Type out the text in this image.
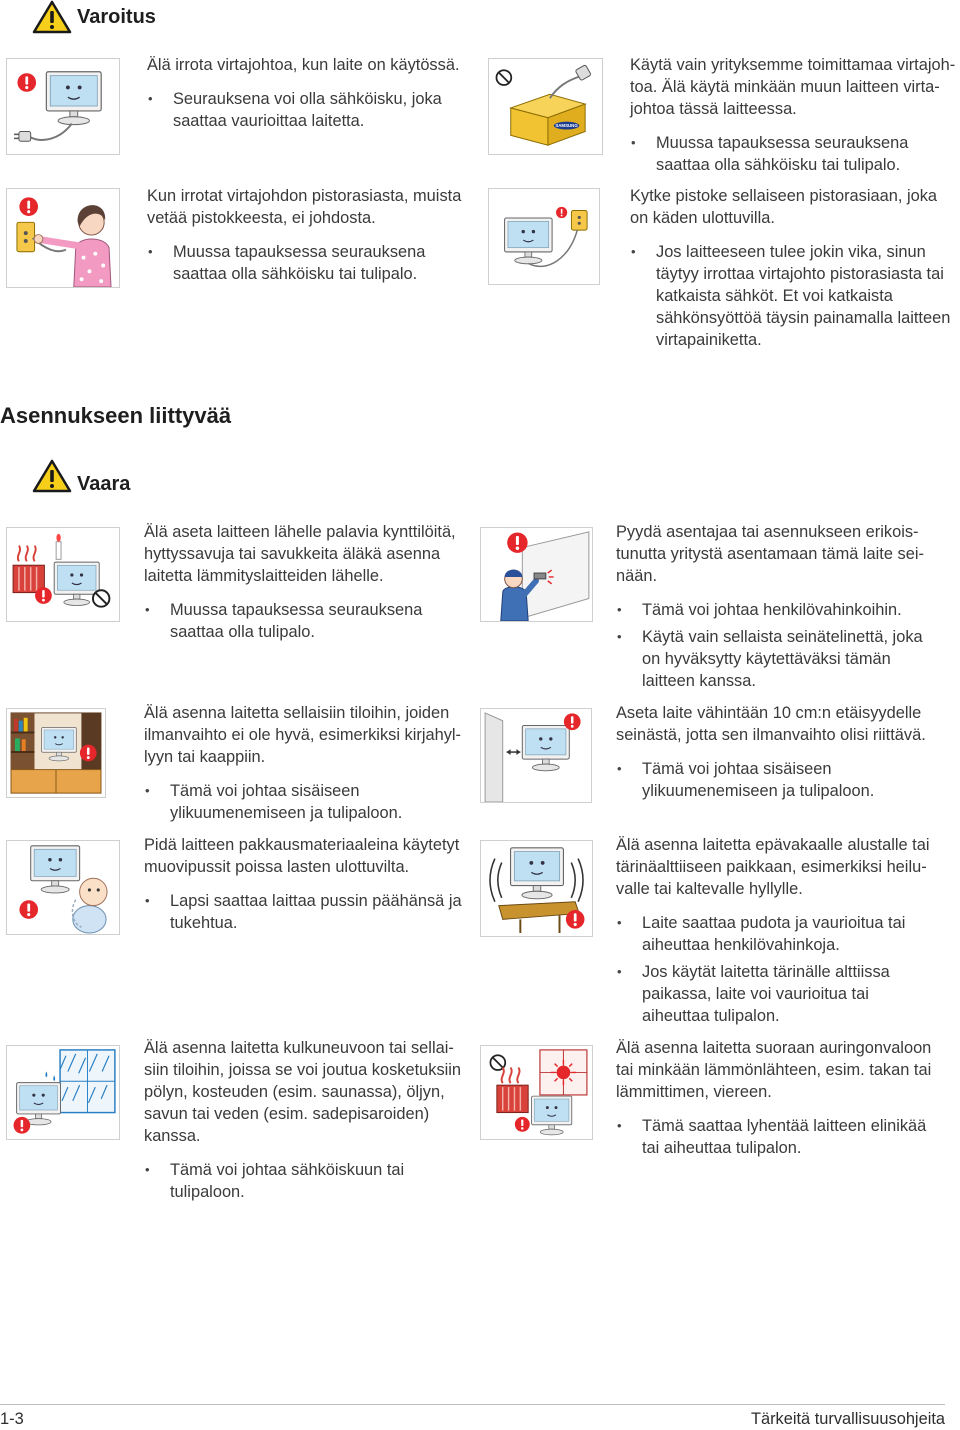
Varoitus
SAMSUNG
Älä irrota virtajohtoa, kun laite on käytössä.
• Seurauksena voi olla sähköisku, joka
saattaa vaurioittaa laitetta.
Käytä vain yrityksemme toimittamaa virtajoh-
toa. Älä käytä minkään muun laitteen virta-
johtoa tässä laitteessa.
• Muussa tapauksessa seurauksena
saattaa olla sähköisku tai tulipalo.
Kun irrotat virtajohdon pistorasiasta, muista
vetää pistokkeesta, ei johdosta.
• Muussa tapauksessa seurauksena
saattaa olla sähköisku tai tulipalo.
Kytke pistoke sellaiseen pistorasiaan, joka
on käden ulottuvilla.
• Jos laitteeseen tulee jokin vika, sinun
täytyy irrottaa virtajohto pistorasiasta tai
katkaista sähköt. Et voi katkaista
sähkönsyöttöä täysin painamalla laitteen
virtapainiketta.
Asennukseen liittyvää
Vaara
Älä aseta laitteen lähelle palavia kynttilöitä,
hyttyssavuja tai savukkeita äläkä asenna
laitetta lämmityslaitteiden lähelle.
• Muussa tapauksessa seurauksena
saattaa olla tulipalo.
Pyydä asentajaa tai asennukseen erikois-
tunutta yritystä asentamaan tämä laite sei-
nään.
• Tämä voi johtaa henkilövahinkoihin.
• Käytä vain sellaista seinätelinettä, joka
on hyväksytty käytettäväksi tämän
laitteen kanssa.
Älä asenna laitetta sellaisiin tiloihin, joiden
ilmanvaihto ei ole hyvä, esimerkiksi kirjahyl-
lyyn tai kaappiin.
• Tämä voi johtaa sisäiseen
ylikuumenemiseen ja tulipaloon.
Aseta laite vähintään 10 cm:n etäisyydelle
seinästä, jotta sen ilmanvaihto olisi riittävä.
• Tämä voi johtaa sisäiseen
ylikuumenemiseen ja tulipaloon.
Pidä laitteen pakkausmateriaaleina käytetyt
muovipussit poissa lasten ulottuvilta.
• Lapsi saattaa laittaa pussin päähänsä ja
tukehtua.
Älä asenna laitetta epävakaalle alustalle tai
tärinäalttiiseen paikkaan, esimerkiksi heilu-
valle tai kaltevalle hyllylle.
• Laite saattaa pudota ja vaurioitua tai
aiheuttaa henkilövahinkoja.
• Jos käytät laitetta tärinälle alttiissa
paikassa, laite voi vaurioitua tai
aiheuttaa tulipalon.
Älä asenna laitetta kulkuneuvoon tai sellai-
siin tiloihin, joissa se voi joutua kosketuksiin
pölyn, kosteuden (esim. saunassa), öljyn,
savun tai veden (esim. sadepisaroiden)
kanssa.
• Tämä voi johtaa sähköiskuun tai
tulipaloon.
Älä asenna laitetta suoraan auringonvaloon
tai minkään lämmönlähteen, esim. takan tai
lämmittimen, viereen.
• Tämä saattaa lyhentää laitteen elinikää
tai aiheuttaa tulipalon.
1-3	Tärkeitä turvallisuusohjeita
